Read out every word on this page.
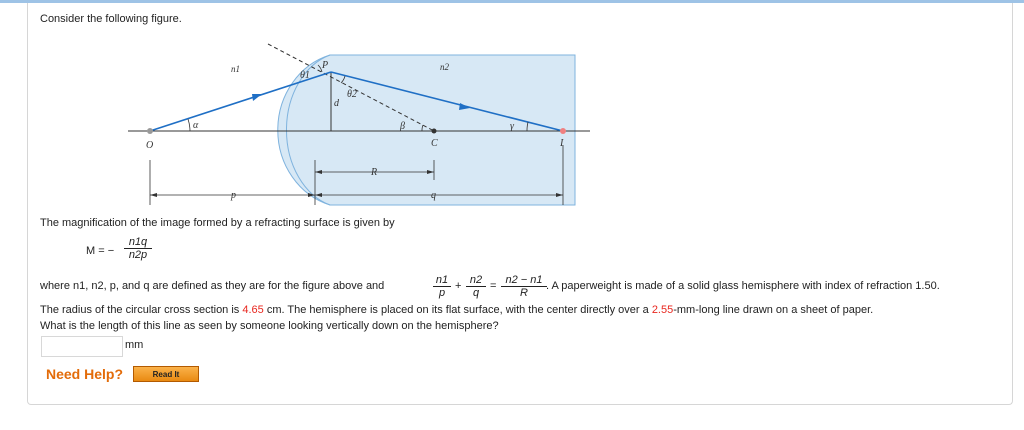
Consider the following figure.
n1	n2
θ1
P
θ2
d
α	β	γ
O	C	I
R
p	q
The magnification of the image formed by a refracting surface is given by
M = − $\frac{n1q}{n2p}$
where n1, n2, p, and q are defined as they are for the figure above and	$\frac{n1}{p} + \frac{n2}{q} = \frac{n2 - n1}{R}$ . A paperweight is made of a solid glass hemisphere with index of refraction 1.50.
The radius of the circular cross section is 4.65 cm. The hemisphere is placed on its flat surface, with the center directly over a 2.55-mm-long line drawn on a sheet of paper.
What is the length of this line as seen by someone looking vertically down on the hemisphere?
mm
Need Help?	Read It
